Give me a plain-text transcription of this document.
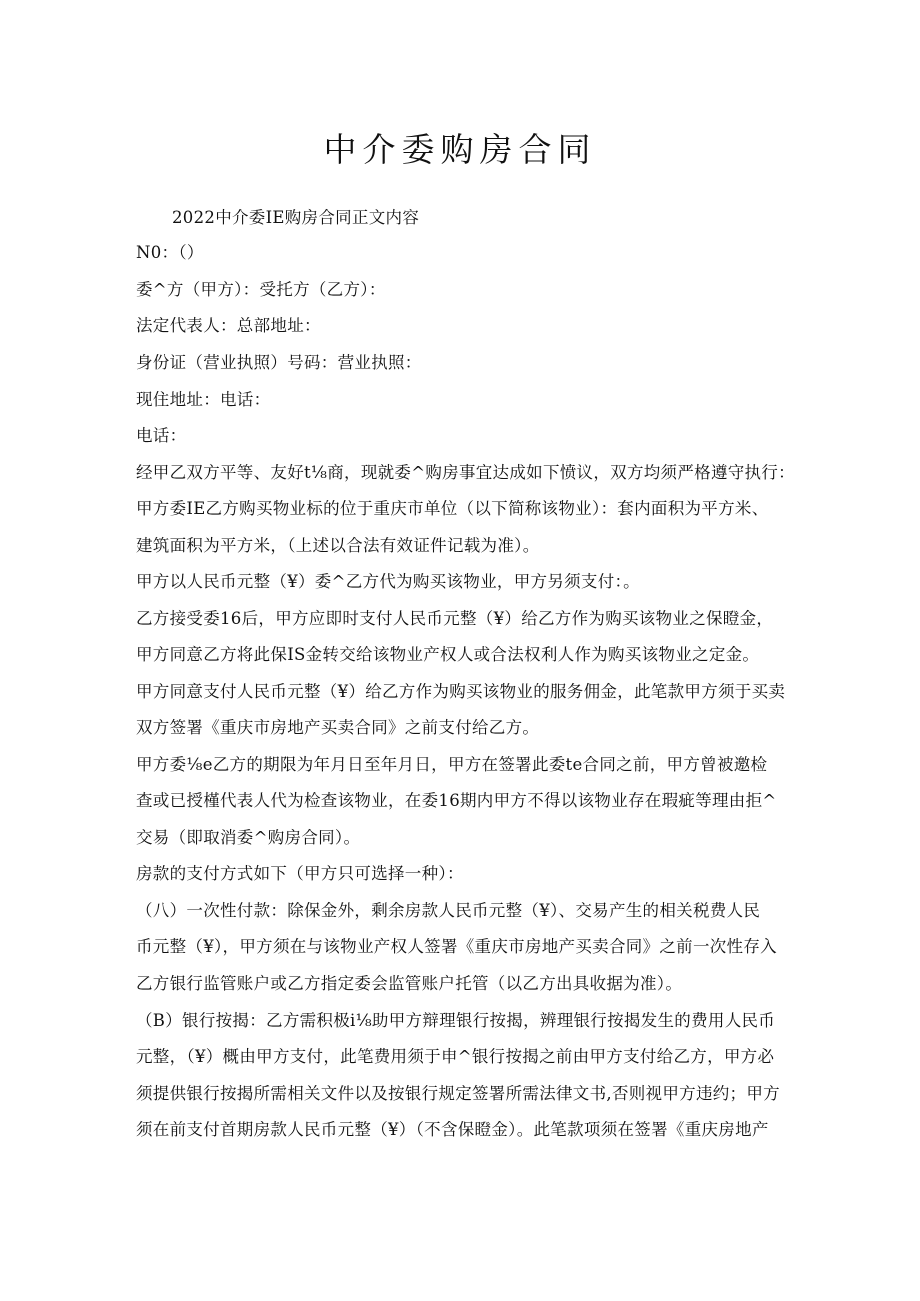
中介委购房合同

2022中介委IE购房合同正文内容

N0：（）

委^方（甲方）：受托方（乙方）：

法定代表人：总部地址：

身份证（营业执照）号码：营业执照：

现住地址：电话：

电话：

经甲乙双方平等、友好t⅛商，现就委^购房事宜达成如下愤议，双方均须严格遵守执行：

甲方委IE乙方购买物业标的位于重庆市单位（以下简称该物业）：套内面积为平方米、

建筑面积为平方米，（上述以合法有效证件记载为准）。

甲方以人民币元整（¥）委^乙方代为购买该物业，甲方另须支付：。

乙方接受委16后，甲方应即时支付人民币元整（¥）给乙方作为购买该物业之保瞪金，

甲方同意乙方将此保IS金转交给该物业产权人或合法权利人作为购买该物业之定金。

甲方同意支付人民币元整（¥）给乙方作为购买该物业的服务佣金，此笔款甲方须于买卖

双方签署《重庆市房地产买卖合同》之前支付给乙方。

甲方委⅛e乙方的期限为年月日至年月日，甲方在签署此委te合同之前，甲方曾被邀检

查或已授槿代表人代为检查该物业，在委16期内甲方不得以该物业存在瑕疵等理由拒^

交易（即取消委^购房合同）。

房款的支付方式如下（甲方只可选择一种）：

（八）一次性付款：除保金外，剩余房款人民币元整（¥）、交易产生的相关税费人民

币元整（¥），甲方须在与该物业产权人签署《重庆市房地产买卖合同》之前一次性存入

乙方银行监管账户或乙方指定委会监管账户托管（以乙方出具收据为准）。

（B）银行按揭：乙方需积极i⅛助甲方辩理银行按揭，辨理银行按揭发生的费用人民币

元整，（¥）概由甲方支付，此笔费用须于申^银行按揭之前由甲方支付给乙方，甲方必

须提供银行按揭所需相关文件以及按银行规定签署所需法律文书,否则视甲方违约；甲方

须在前支付首期房款人民币元整（¥）（不含保瞪金）。此笔款项须在签署《重庆房地产
